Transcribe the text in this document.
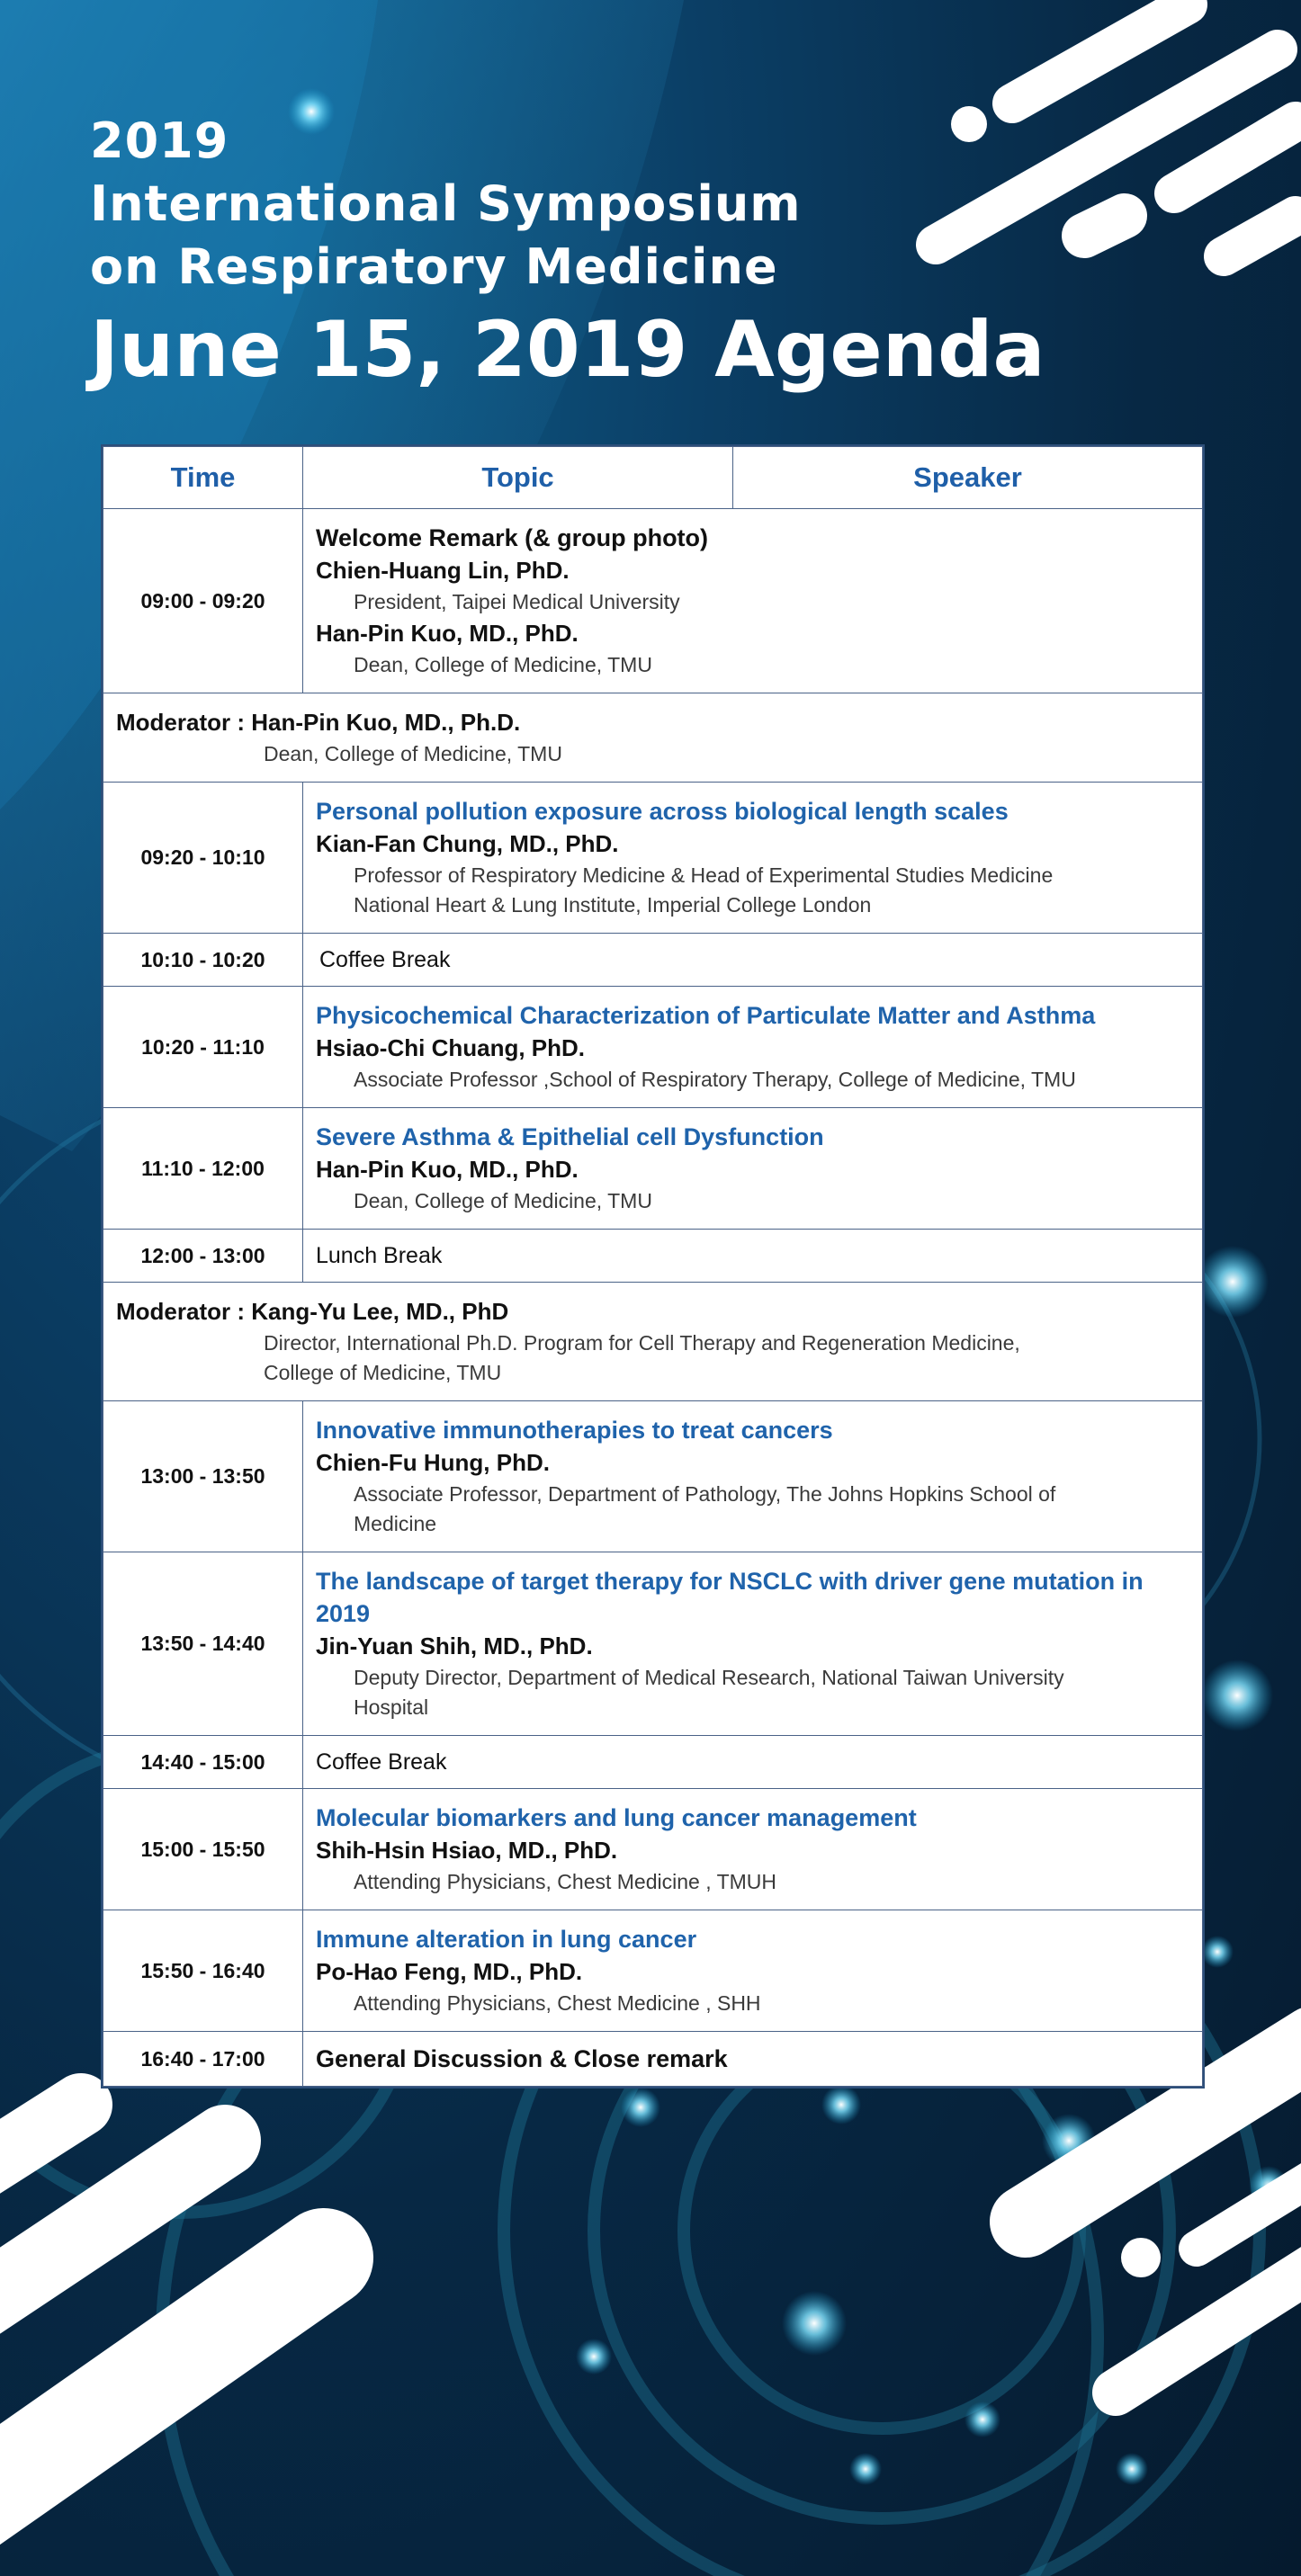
2019
International Symposium
on Respiratory Medicine
June 15, 2019 Agenda
Time	Topic	Speaker
09:00 - 09:20	Welcome Remark (& group photo)
Chien-Huang Lin, PhD.
President, Taipei Medical University
Han-Pin Kuo, MD., PhD.
Dean, College of Medicine, TMU	

Moderator : Han-Pin Kuo, MD., Ph.D.
Dean, College of Medicine, TMU		

09:20 - 10:10	Personal pollution exposure across biological length scales
Kian-Fan Chung, MD., PhD.
Professor of Respiratory Medicine & Head of Experimental Studies Medicine
National Heart & Lung Institute, Imperial College London	

10:10 - 10:20	Coffee Break	

10:20 - 11:10	Physicochemical Characterization of Particulate Matter and Asthma
Hsiao-Chi Chuang, PhD.
Associate Professor ,School of Respiratory Therapy, College of Medicine, TMU	

11:10 - 12:00	Severe Asthma & Epithelial cell Dysfunction
Han-Pin Kuo, MD., PhD.
Dean, College of Medicine, TMU	

12:00 - 13:00	Lunch Break	

Moderator : Kang-Yu Lee, MD., PhD
Director, International Ph.D. Program for Cell Therapy and Regeneration Medicine,
College of Medicine, TMU		

13:00 - 13:50	Innovative immunotherapies to treat cancers
Chien-Fu Hung, PhD.
Associate Professor, Department of Pathology, The Johns Hopkins School of
Medicine	

13:50 - 14:40	The landscape of target therapy for NSCLC with driver gene mutation in
2019
Jin-Yuan Shih, MD., PhD.
Deputy Director, Department of Medical Research, National Taiwan University
Hospital	

14:40 - 15:00	Coffee Break	

15:00 - 15:50	Molecular biomarkers and lung cancer management
Shih-Hsin Hsiao, MD., PhD.
Attending Physicians, Chest Medicine , TMUH	

15:50 - 16:40	Immune alteration in lung cancer
Po-Hao Feng, MD., PhD.
Attending Physicians, Chest Medicine , SHH	

16:40 - 17:00	General Discussion & Close remark	
